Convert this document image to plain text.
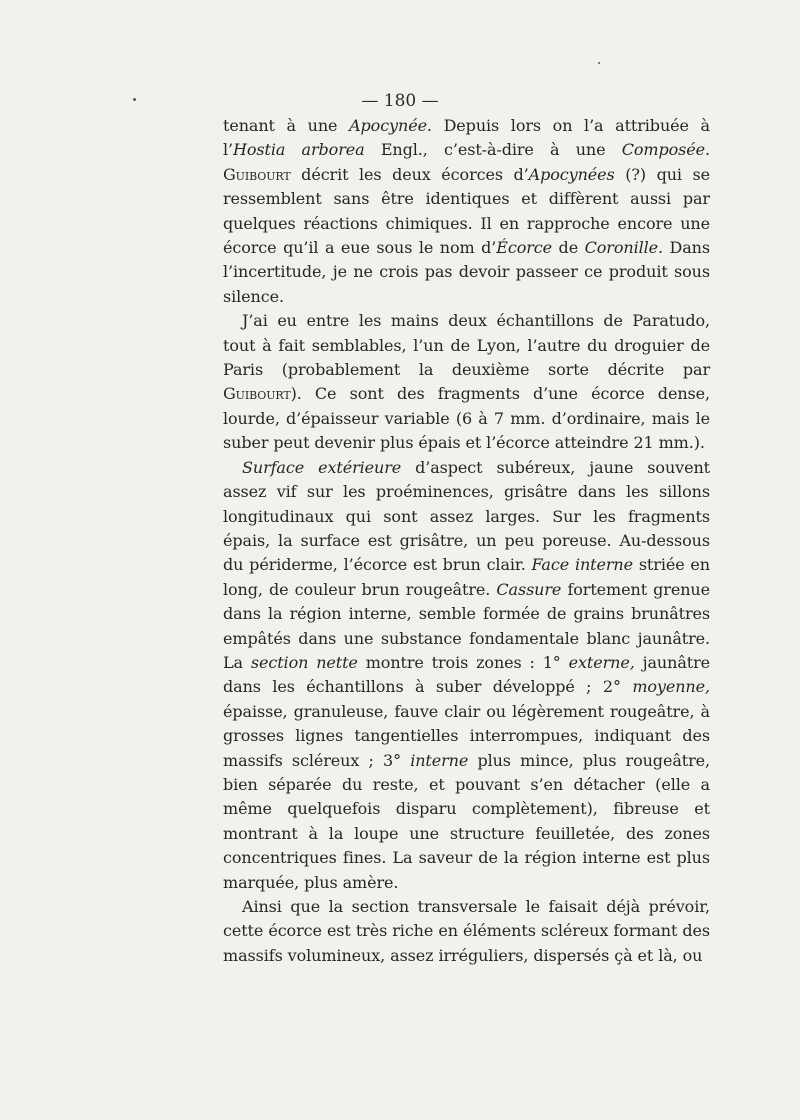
— 180 —

tenant à une Apocynée. Depuis lors on l’a attribuée à l’Hostia arborea Engl., c’est-à-dire à une Composée. Guibourt décrit les deux écorces d’Apocynées (?) qui se ressemblent sans être identiques et diffèrent aussi par quelques réactions chimiques. Il en rapproche encore une écorce qu’il a eue sous le nom d’Écorce de Coronille. Dans l’incertitude, je ne crois pas devoir passeer ce produit sous silence.

J’ai eu entre les mains deux échantillons de Paratudo, tout à fait semblables, l’un de Lyon, l’autre du droguier de Paris (probablement la deuxième sorte décrite par Guibourt). Ce sont des fragments d’une écorce dense, lourde, d’épaisseur variable (6 à 7 mm. d’ordinaire, mais le suber peut devenir plus épais et l’écorce atteindre 21 mm.).

Surface extérieure d’aspect subéreux, jaune souvent assez vif sur les proéminences, grisâtre dans les sillons longitudinaux qui sont assez larges. Sur les fragments épais, la surface est grisâtre, un peu poreuse. Au-dessous du périderme, l’écorce est brun clair. Face interne striée en long, de couleur brun rougeâtre. Cassure fortement grenue dans la région interne, semble formée de grains brunâtres empâtés dans une substance fondamentale blanc jaunâtre. La section nette montre trois zones : 1° externe, jaunâtre dans les échantillons à suber développé ; 2° moyenne, épaisse, granuleuse, fauve clair ou légèrement rougeâtre, à grosses lignes tangentielles interrompues, indiquant des massifs scléreux ; 3° interne plus mince, plus rougeâtre, bien séparée du reste, et pouvant s’en détacher (elle a même quelquefois disparu complètement), fibreuse et montrant à la loupe une structure feuilletée, des zones concentriques fines. La saveur de la région interne est plus marquée, plus amère.

Ainsi que la section transversale le faisait déjà prévoir, cette écorce est très riche en éléments scléreux formant des massifs volumineux, assez irréguliers, dispersés çà et là, ou
